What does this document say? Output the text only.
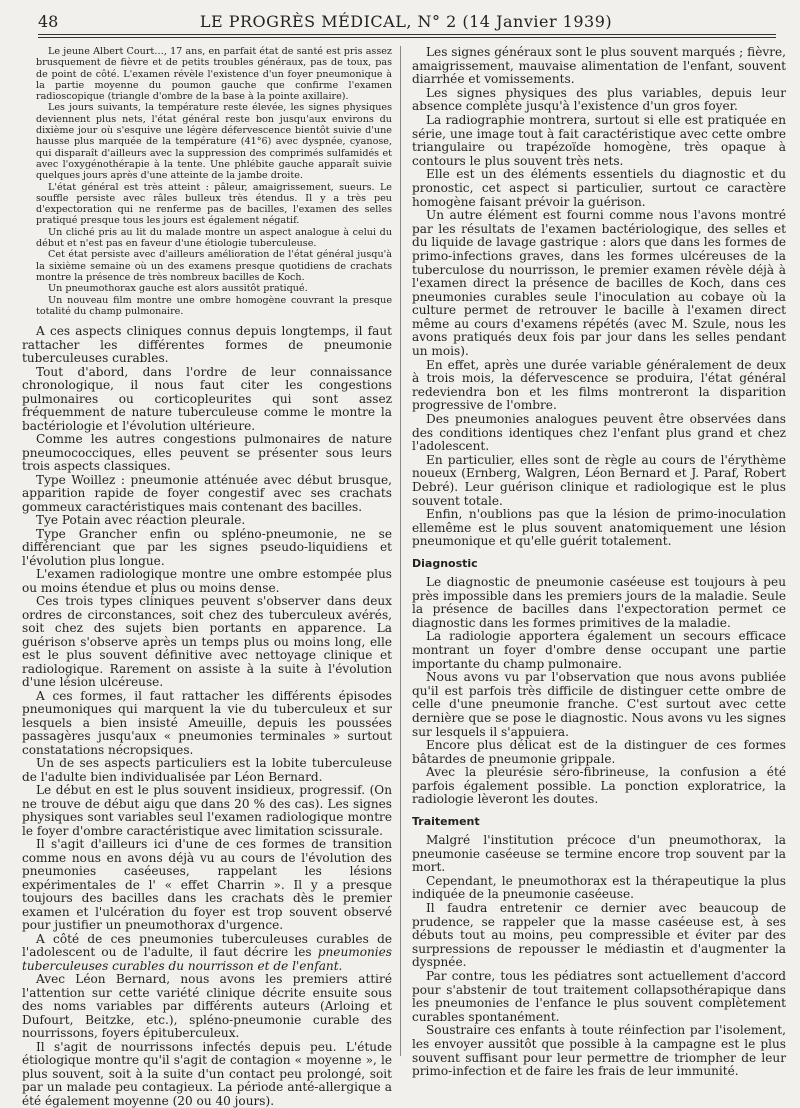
48	LE PROGRÈS MÉDICAL, N° 2 (14 Janvier 1939)

Le jeune Albert Court…, 17 ans, en parfait état de santé est pris assez brusquement de fièvre et de petits troubles généraux, pas de toux, pas de point de côté. L'examen révèle l'existence d'un foyer pneumonique à la partie moyenne du poumon gauche que confirme l'examen radioscopique (triangle d'ombre de la base à la pointe axillaire).

Les jours suivants, la température reste élevée, les signes physiques deviennent plus nets, l'état général reste bon jusqu'aux environs du dixième jour où s'esquive une légère défervescence bientôt suivie d'une hausse plus marquée de la température (41°6) avec dyspnée, cyanose, qui disparaît d'ailleurs avec la suppression des comprimés sulfamidés et avec l'oxygénothérapie à la tente. Une phlébite gauche apparaît suivie quelques jours après d'une atteinte de la jambe droite.

L'état général est très atteint : pâleur, amaigrissement, sueurs. Le souffle persiste avec râles bulleux très étendus. Il y a très peu d'expectoration qui ne renferme pas de bacilles, l'examen des selles pratiqué presque tous les jours est également négatif.

Un cliché pris au lit du malade montre un aspect analogue à celui du début et n'est pas en faveur d'une étiologie tuberculeuse.

Cet état persiste avec d'ailleurs amélioration de l'état général jusqu'à la sixième semaine où un des examens presque quotidiens de crachats montre la présence de très nombreux bacilles de Koch.

Un pneumothorax gauche est alors aussitôt pratiqué.

Un nouveau film montre une ombre homogène couvrant la presque totalité du champ pulmonaire.

A ces aspects cliniques connus depuis longtemps, il faut rattacher les différentes formes de pneumonie tuberculeuses curables.

Tout d'abord, dans l'ordre de leur connaissance chronologique, il nous faut citer les congestions pulmonaires ou corticopleurites qui sont assez fréquemment de nature tuberculeuse comme le montre la bactériologie et l'évolution ultérieure.

Comme les autres congestions pulmonaires de nature pneumococciques, elles peuvent se présenter sous leurs trois aspects classiques.

Type Woillez : pneumonie atténuée avec début brusque, apparition rapide de foyer congestif avec ses crachats gommeux caractéristiques mais contenant des bacilles.

Tye Potain avec réaction pleurale.

Type Grancher enfin ou spléno-pneumonie, ne se différenciant que par les signes pseudo-liquidiens et l'évolution plus longue.

L'examen radiologique montre une ombre estompée plus ou moins étendue et plus ou moins dense.

Ces trois types cliniques peuvent s'observer dans deux ordres de circonstances, soit chez des tuberculeux avérés, soit chez des sujets bien portants en apparence. La guérison s'observe après un temps plus ou moins long, elle est le plus souvent définitive avec nettoyage clinique et radiologique. Rarement on assiste à la suite à l'évolution d'une lésion ulcéreuse.

A ces formes, il faut rattacher les différents épisodes pneumoniques qui marquent la vie du tuberculeux et sur lesquels a bien insisté Ameuille, depuis les poussées passagères jusqu'aux « pneumonies terminales » surtout constatations nécropsiques.

Un de ses aspects particuliers est la lobite tuberculeuse de l'adulte bien individualisée par Léon Bernard.

Le début en est le plus souvent insidieux, progressif. (On ne trouve de début aigu que dans 20 % des cas). Les signes physiques sont variables seul l'examen radiologique montre le foyer d'ombre caractéristique avec limitation scissurale.

Il s'agit d'ailleurs ici d'une de ces formes de transition comme nous en avons déjà vu au cours de l'évolution des pneumonies caséeuses, rappelant les lésions expérimentales de l' « effet Charrin ». Il y a presque toujours des bacilles dans les crachats dès le premier examen et l'ulcération du foyer est trop souvent observé pour justifier un pneumothorax d'urgence.

A côté de ces pneumonies tuberculeuses curables de l'adolescent ou de l'adulte, il faut décrire les pneumonies tuberculeuses curables du nourrisson et de l'enfant.

Avec Léon Bernard, nous avons les premiers attiré l'attention sur cette variété clinique décrite ensuite sous des noms variables par différents auteurs (Arloing et Dufourt, Beitzke, etc.), spléno-pneumonie curable des nourrissons, foyers épituberculeux.

Il s'agit de nourrissons infectés depuis peu. L'étude étiologique montre qu'il s'agit de contagion « moyenne », le plus souvent, soit à la suite d'un contact peu prolongé, soit par un malade peu contagieux. La période anté-allergique a été également moyenne (20 ou 40 jours).

Les signes généraux sont le plus souvent marqués ; fièvre, amaigrissement, mauvaise alimentation de l'enfant, souvent diarrhée et vomissements.

Les signes physiques des plus variables, depuis leur absence complète jusqu'à l'existence d'un gros foyer.

La radiographie montrera, surtout si elle est pratiquée en série, une image tout à fait caractéristique avec cette ombre triangulaire ou trapézoïde homogène, très opaque à contours le plus souvent très nets.

Elle est un des éléments essentiels du diagnostic et du pronostic, cet aspect si particulier, surtout ce caractère homogène faisant prévoir la guérison.

Un autre élément est fourni comme nous l'avons montré par les résultats de l'examen bactériologique, des selles et du liquide de lavage gastrique : alors que dans les formes de primo-infections graves, dans les formes ulcéreuses de la tuberculose du nourrisson, le premier examen révèle déjà à l'examen direct la présence de bacilles de Koch, dans ces pneumonies curables seule l'inoculation au cobaye où la culture permet de retrouver le bacille à l'examen direct même au cours d'examens répétés (avec M. Szule, nous les avons pratiqués deux fois par jour dans les selles pendant un mois).

En effet, après une durée variable généralement de deux à trois mois, la défervescence se produira, l'état général redeviendra bon et les films montreront la disparition progressive de l'ombre.

Des pneumonies analogues peuvent être observées dans des conditions identiques chez l'enfant plus grand et chez l'adolescent.

En particulier, elles sont de règle au cours de l'érythème noueux (Ernberg, Walgren, Léon Bernard et J. Paraf, Robert Debré). Leur guérison clinique et radiologique est le plus souvent totale.

Enfin, n'oublions pas que la lésion de primo-inoculation ellemême est le plus souvent anatomiquement une lésion pneumonique et qu'elle guérit totalement.

Diagnostic

Le diagnostic de pneumonie caséeuse est toujours à peu près impossible dans les premiers jours de la maladie. Seule la présence de bacilles dans l'expectoration permet ce diagnostic dans les formes primitives de la maladie.

La radiologie apportera également un secours efficace montrant un foyer d'ombre dense occupant une partie importante du champ pulmonaire.

Nous avons vu par l'observation que nous avons publiée qu'il est parfois très difficile de distinguer cette ombre de celle d'une pneumonie franche. C'est surtout avec cette dernière que se pose le diagnostic. Nous avons vu les signes sur lesquels il s'appuiera.

Encore plus délicat est de la distinguer de ces formes bâtardes de pneumonie grippale.

Avec la pleurésie séro-fibrineuse, la confusion a été parfois également possible. La ponction exploratrice, la radiologie lèveront les doutes.

Traitement

Malgré l'institution précoce d'un pneumothorax, la pneumonie caséeuse se termine encore trop souvent par la mort.

Cependant, le pneumothorax est la thérapeutique la plus indiquée de la pneumonie caséeuse.

Il faudra entretenir ce dernier avec beaucoup de prudence, se rappeler que la masse caséeuse est, à ses débuts tout au moins, peu compressible et éviter par des surpressions de repousser le médiastin et d'augmenter la dyspnée.

Par contre, tous les pédiatres sont actuellement d'accord pour s'abstenir de tout traitement collapsothérapique dans les pneumonies de l'enfance le plus souvent complètement curables spontanément.

Soustraire ces enfants à toute réinfection par l'isolement, les envoyer aussitôt que possible à la campagne est le plus souvent suffisant pour leur permettre de triompher de leur primo-infection et de faire les frais de leur immunité.
